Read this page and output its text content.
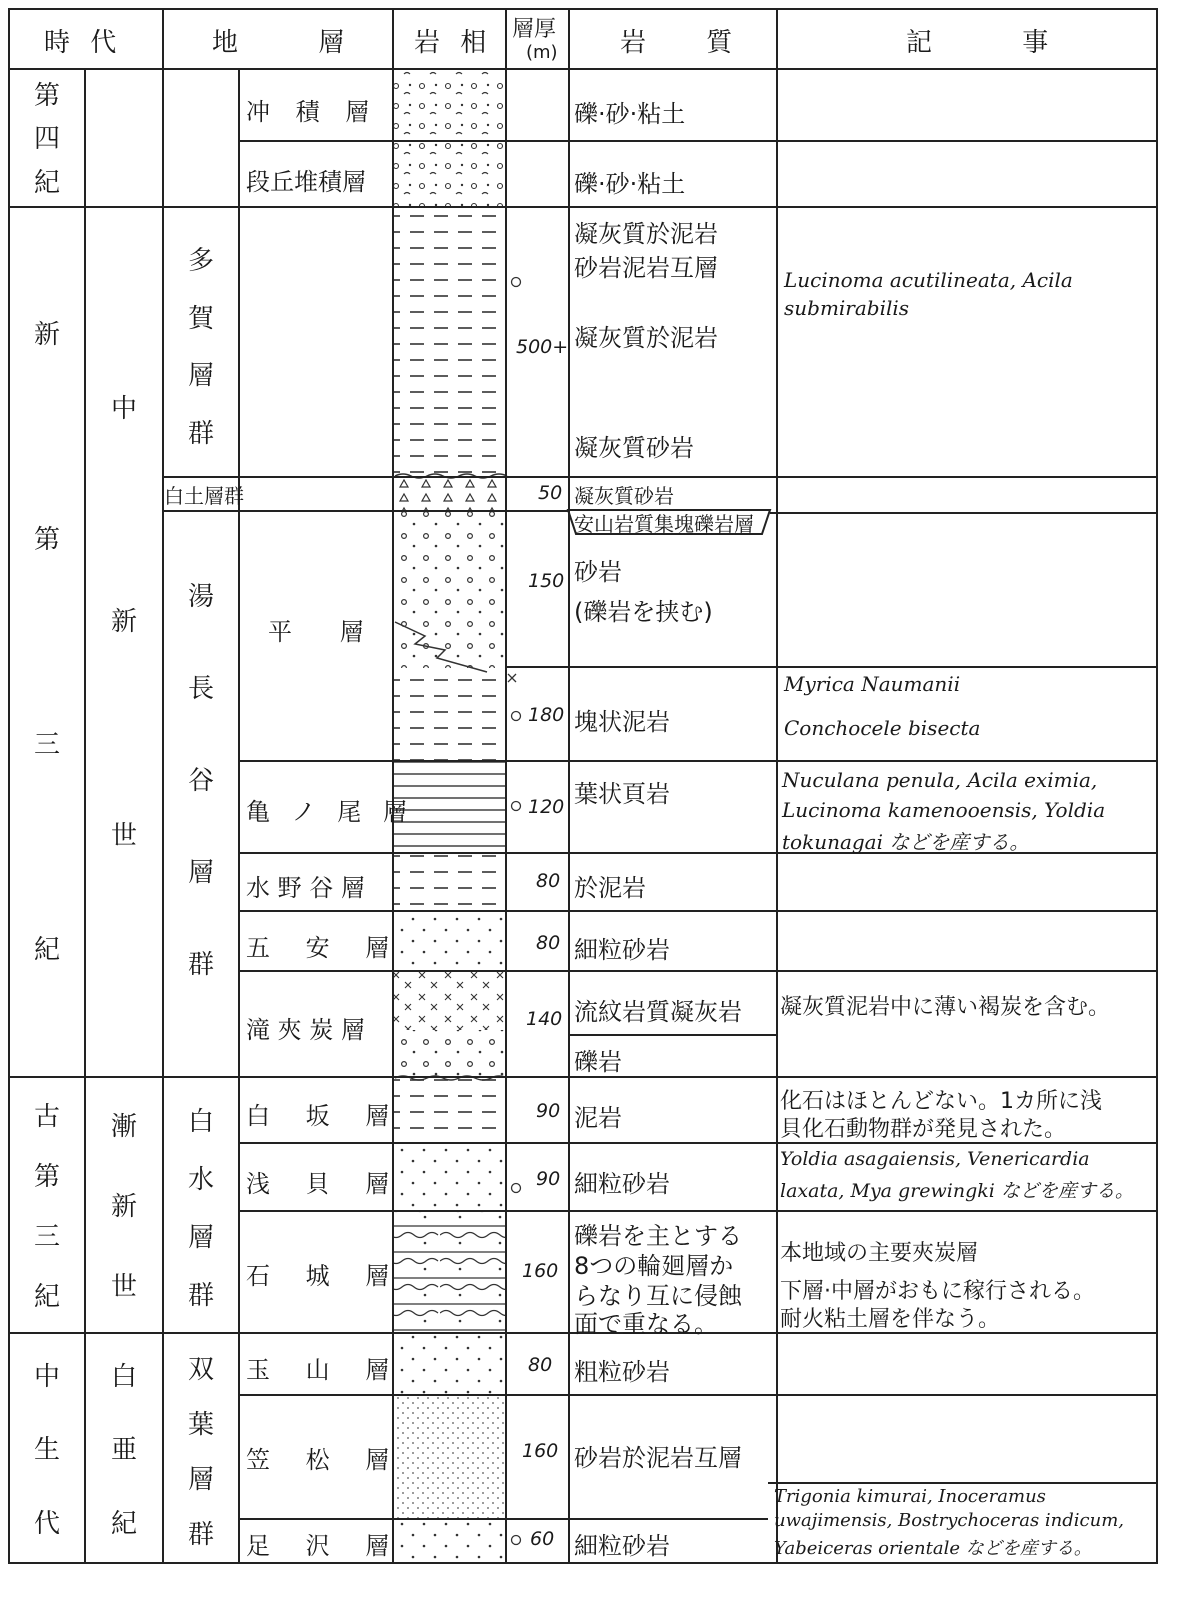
時 代	地 層 岩 相 層厚
(m) 岩 質	記 事
第
四
紀
新
第
三
紀
古
第
三
紀
中
生
代
中
新
世
漸
新
世
白
亜
紀
多
賀
層
群
白土層群
湯
長
谷
層
群
白
水
層
群
双
葉
層
群
冲 積 層
段丘堆積層
平 層
亀 ノ 尾 層
水 野 谷 層
五 安 層
滝 夾 炭 層
白 坂 層
浅 貝 層
石 城 層
玉 山 層
笠 松 層
足 沢 層
500+
50
150
180
120
80
80
140
90
90
160
80
160
60
礫·砂·粘土
礫·砂·粘土
凝灰質於泥岩
砂岩泥岩互層
凝灰質於泥岩
凝灰質砂岩
凝灰質砂岩
安山岩質集塊礫岩層
砂岩
(礫岩を挟む)
塊状泥岩
葉状頁岩
於泥岩
細粒砂岩
流紋岩質凝灰岩
礫岩
泥岩
細粒砂岩
礫岩を主とする
8つの輪廻層か
らなり互に侵蝕
面で重なる。
粗粒砂岩
砂岩於泥岩互層
細粒砂岩
Lucinoma acutilineata, Acila
submirabilis
Myrica Naumanii
Conchocele bisecta
Nuculana penula, Acila eximia,
Lucinoma kamenooensis, Yoldia
tokunagai などを産する。
凝灰質泥岩中に薄い褐炭を含む。
化石はほとんどない。1カ所に浅
貝化石動物群が発見された。
Yoldia asagaiensis, Venericardia
laxata, Mya grewingki などを産する。
本地域の主要夾炭層
下層·中層がおもに稼行される。
耐火粘土層を伴なう。
Trigonia kimurai, Inoceramus
uwajimensis, Bostrychoceras indicum,
Yabeiceras orientale などを産する。
